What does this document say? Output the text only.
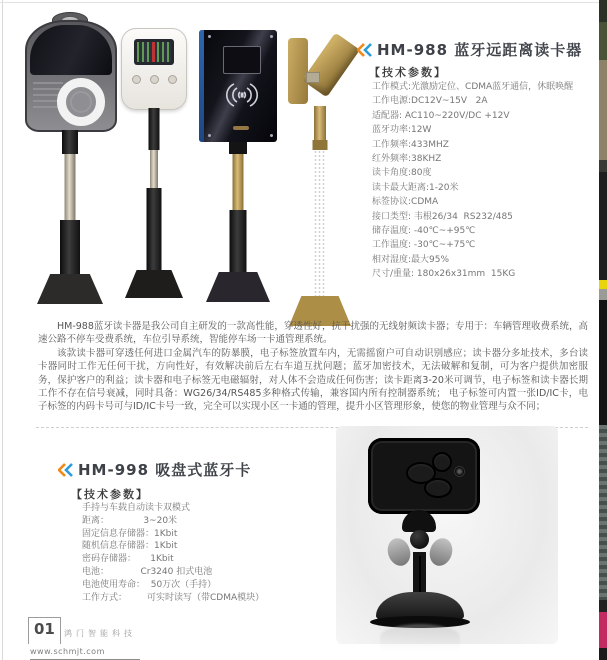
HM-988 蓝牙远距离读卡器
【技术参数】
工作模式:光激励定位、CDMA蓝牙通信，休眠唤醒
工作电源:DC12V~15V   2A
适配器: AC110~220V/DC +12V
蓝牙功率:12W
工作频率:433MHZ
红外频率:38KHZ
读卡角度:80度
读卡最大距离:1-20米
标签协议:CDMA
接口类型: 韦根26/34  RS232/485
储存温度: -40℃~+95℃
工作温度: -30℃~+75℃
相对湿度:最大95%
尺寸/重量: 180x26x31mm  15KG

HM-988蓝牙读卡器是我公司自主研发的一款高性能，穿透性好，抗干扰强的无线射频读卡器；专用于：车辆管理收费系统，高速公路不停车受费系统，车位引导系统，智能停车场一卡通管理系统。

该款读卡器可穿透任何进口金属汽车的防暴膜，电子标签放置车内，无需摇窗户可自动识别感应；读卡器分多址技术，多台读卡器同时工作无任何干扰，方向性好，有效解决前后左右车道互扰问题；蓝牙加密技术，无法破解和复制，可为客户提供加密服务，保护客户的利益；读卡器和电子标签无电磁辐射，对人体不会造成任何伤害；读卡距离3-20米可调节，电子标签和读卡器长期工作不存在信号衰减，同时具备：WG26/34/RS485多种格式传输，兼容国内所有控制器系统； 电子标签可内置一张ID/IC卡，电子标签的内码卡号可与ID/IC卡号一致，完全可以实现小区一卡通的管理，提升小区管理形象，使您的物业管理与众不同；

HM-998 吸盘式蓝牙卡
【技术参数】
手持与车载自动读卡双模式
距离：            3~20米
固定信息存储器：1Kbit
随机信息存储器：1Kbit
密码存储器：     1Kbit
电池：           Cr3240 扣式电池
电池使用寿命：  50万次（手持）
工作方式：       可实时读写（带CDMA模块）
01 鸿门智能科技
www.schmjt.com
